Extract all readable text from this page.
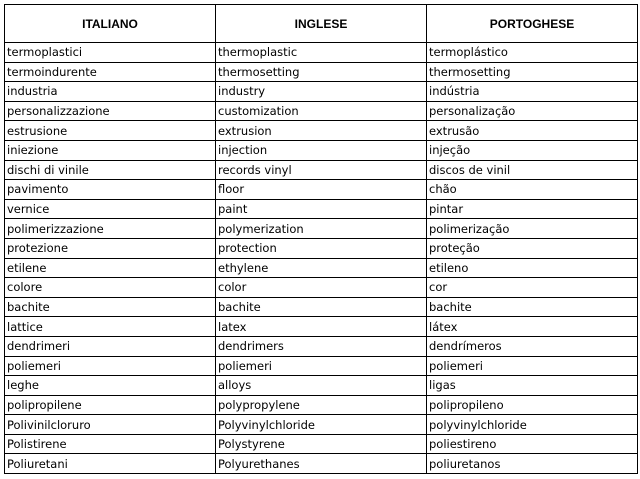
ITALIANO	INGLESE	PORTOGHESE
termoplastici	thermoplastic	termoplástico
termoindurente	thermosetting	thermosetting
industria	industry	indústria
personalizzazione	customization	personalização
estrusione	extrusion	extrusão
iniezione	injection	injeção
dischi di vinile	records vinyl	discos de vinil
pavimento	floor	chão
vernice	paint	pintar
polimerizzazione	polymerization	polimerização
protezione	protection	proteção
etilene	ethylene	etileno
colore	color	cor
bachite	bachite	bachite
lattice	latex	látex
dendrimeri	dendrimers	dendrímeros
poliemeri	poliemeri	poliemeri
leghe	alloys	ligas
polipropilene	polypropylene	polipropileno
Polivinilcloruro	Polyvinylchloride	polyvinylchloride
Polistirene	Polystyrene	poliestireno
Poliuretani	Polyurethanes	poliuretanos
